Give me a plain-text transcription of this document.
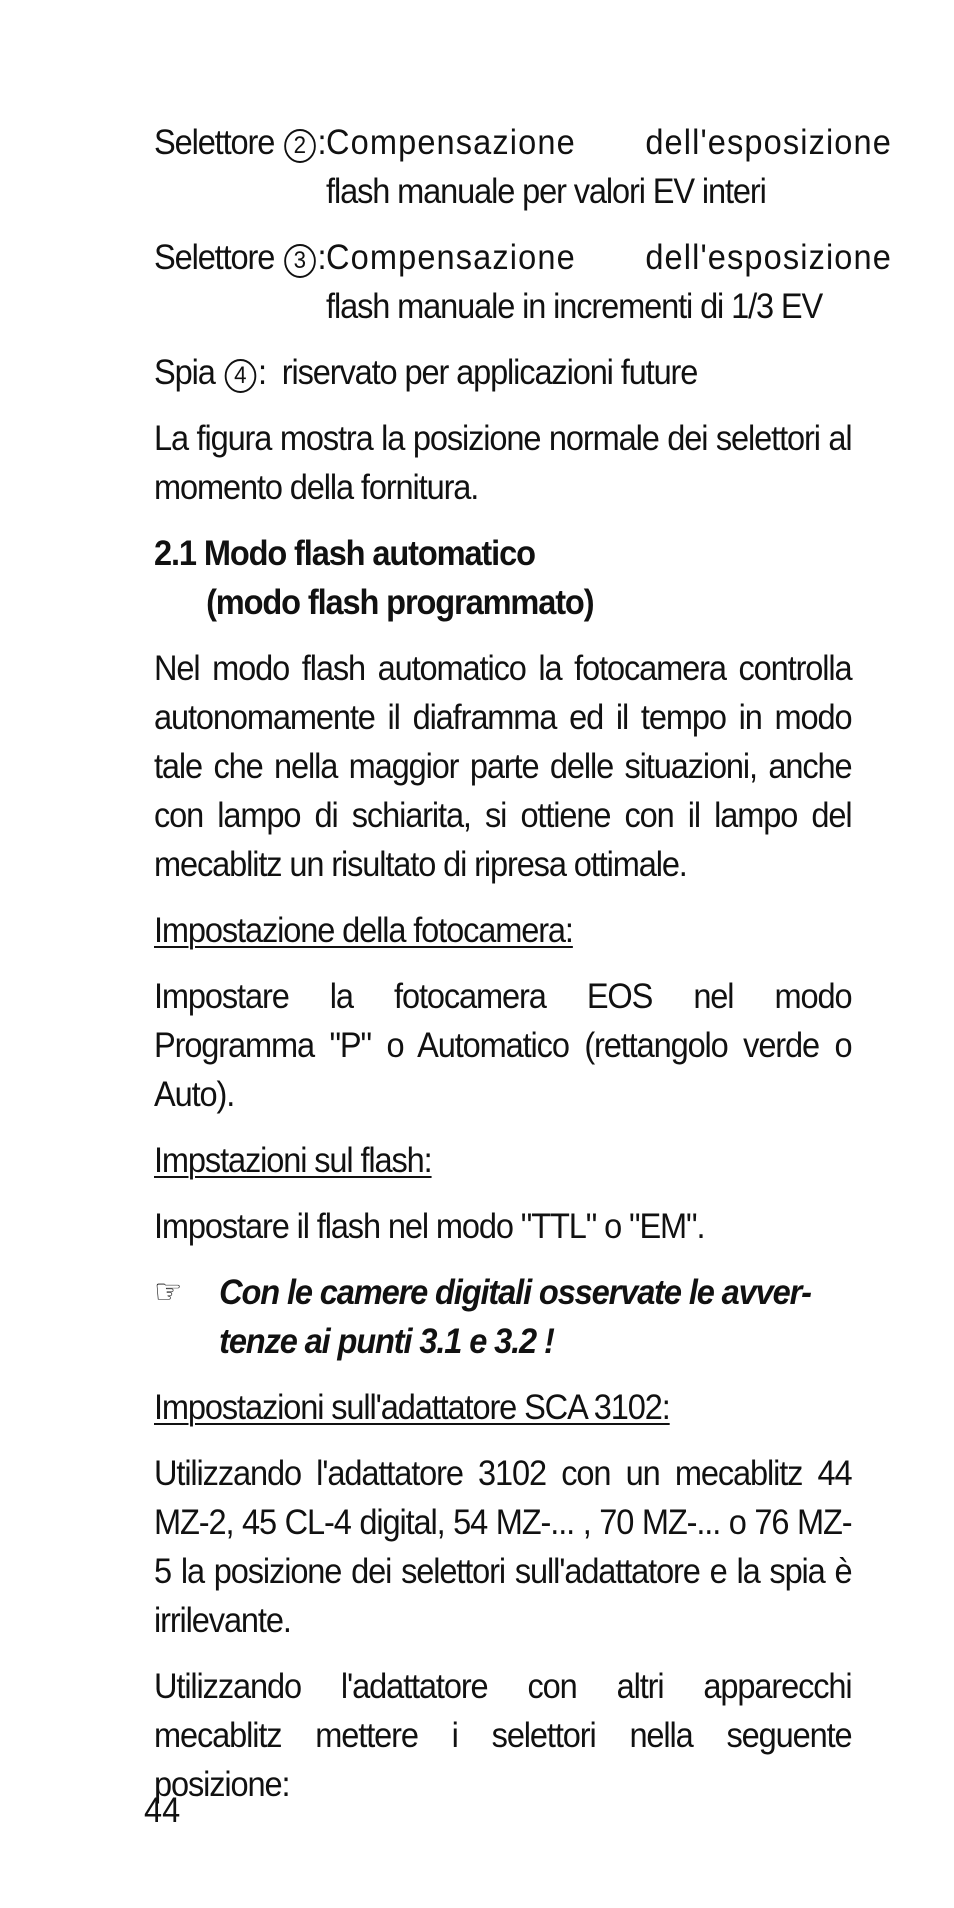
Selettore 2 : Compensazione   dell'esposizione
flash manuale per valori EV interi
Selettore 3 : Compensazione   dell'esposizione
flash manuale in incrementi di 1/3 EV
Spia 4 : riservato per applicazioni future

La figura mostra la posizione normale dei selettori al momento della fornitura.

2.1 Modo flash automatico
(modo flash programmato)

Nel modo flash automatico la fotocamera controlla autonomamente il diaframma ed il tempo in modo tale che nella maggior parte delle situazioni, anche con lampo di schiarita, si ottiene con il lampo del mecablitz un risultato di ripresa ottimale.

Impostazione della fotocamera:

Impostare la fotocamera EOS nel modo Programma "P" o Automatico (rettangolo verde o Auto).

Impstazioni sul flash:

Impostare il flash nel modo "TTL" o "EM".

☞	Con le camere digitali osservate le avver-
tenze ai punti 3.1 e 3.2 !

Impostazioni sull'adattatore SCA 3102:

Utilizzando l'adattatore 3102 con un mecablitz 44 MZ-2, 45 CL-4 digital, 54 MZ-... , 70 MZ-... o 76 MZ-5 la posizione dei selettori sull'adattatore e la spia è irrilevante.

Utilizzando l'adattatore con altri apparecchi mecablitz mettere i selettori nella seguente posizione:

44
